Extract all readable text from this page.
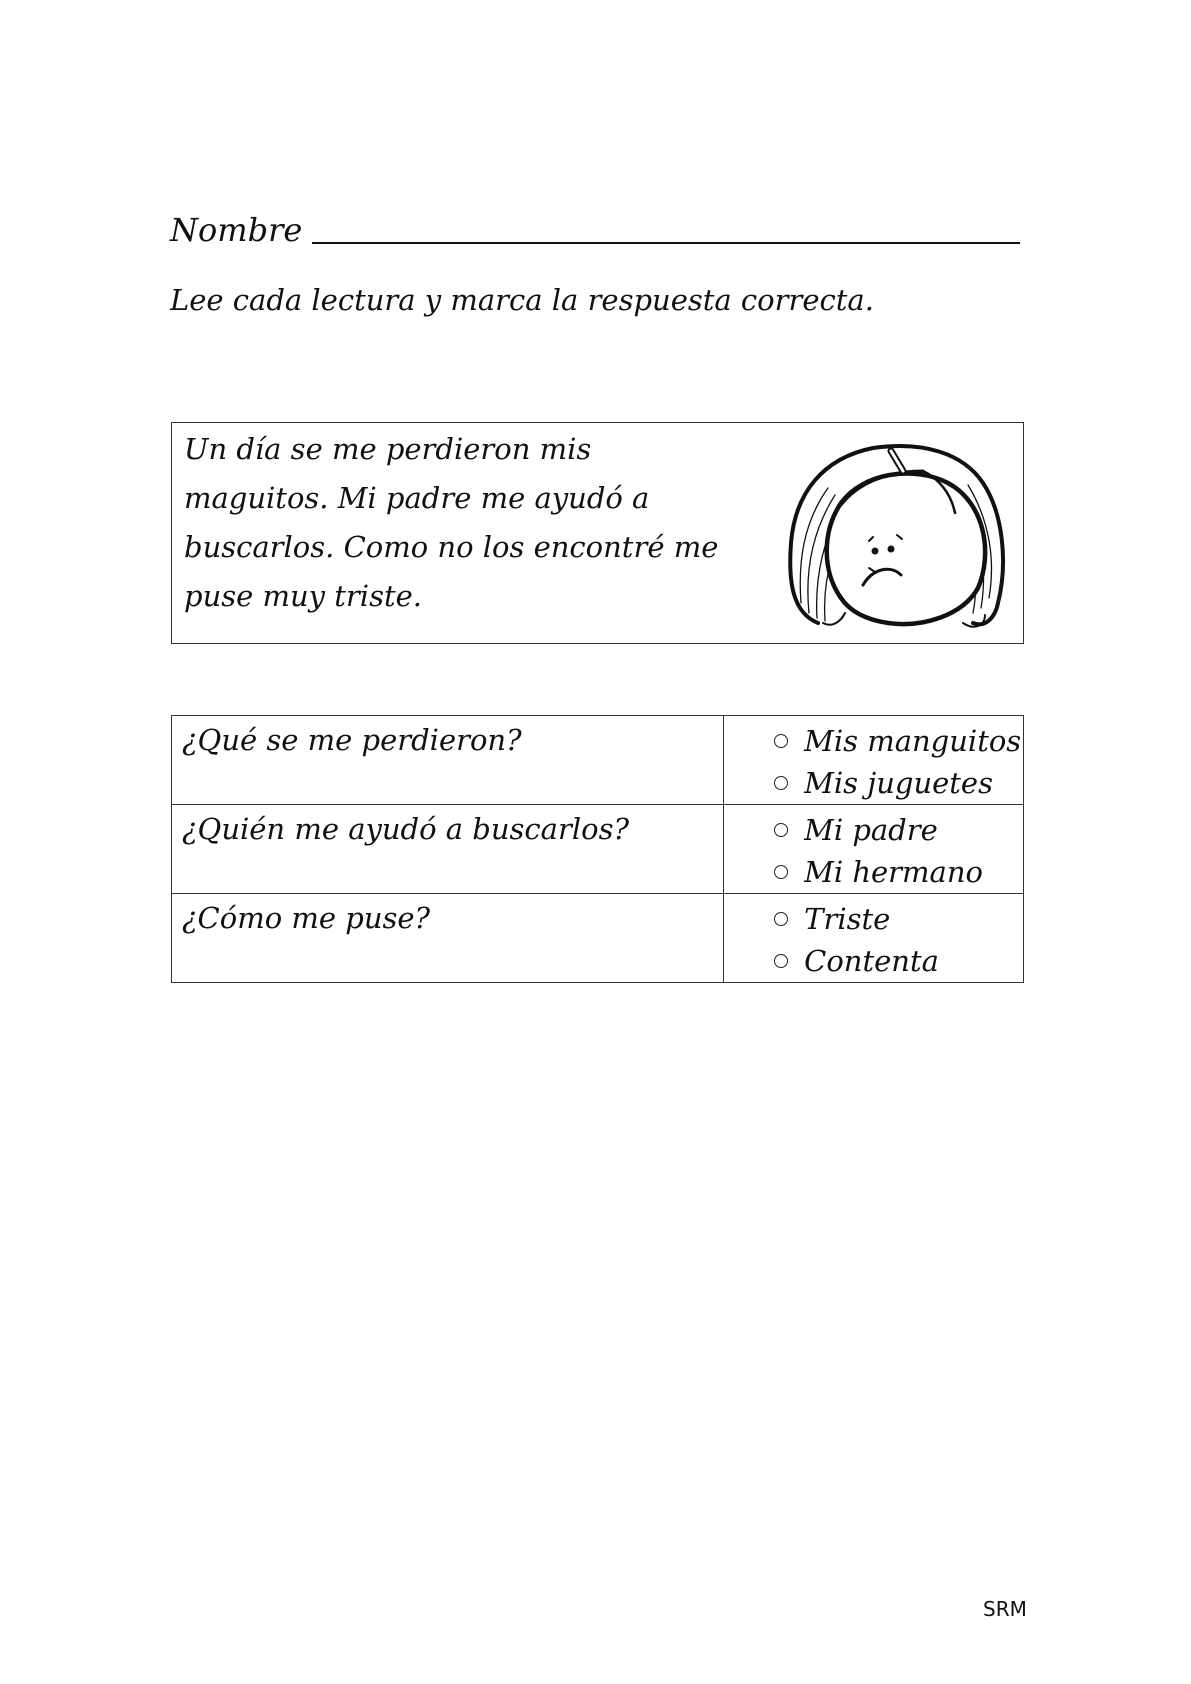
Nombre
Lee cada lectura y marca la respuesta correcta.
Un día se me perdieron mis
maguitos. Mi padre me ayudó a
buscarlos. Como no los encontré me
puse muy triste.
¿Qué se me perdieron?	Mis manguitos
Mis juguetes

¿Quién me ayudó a buscarlos?	Mi padre
Mi hermano

¿Cómo me puse?	Triste
Contenta
SRM
